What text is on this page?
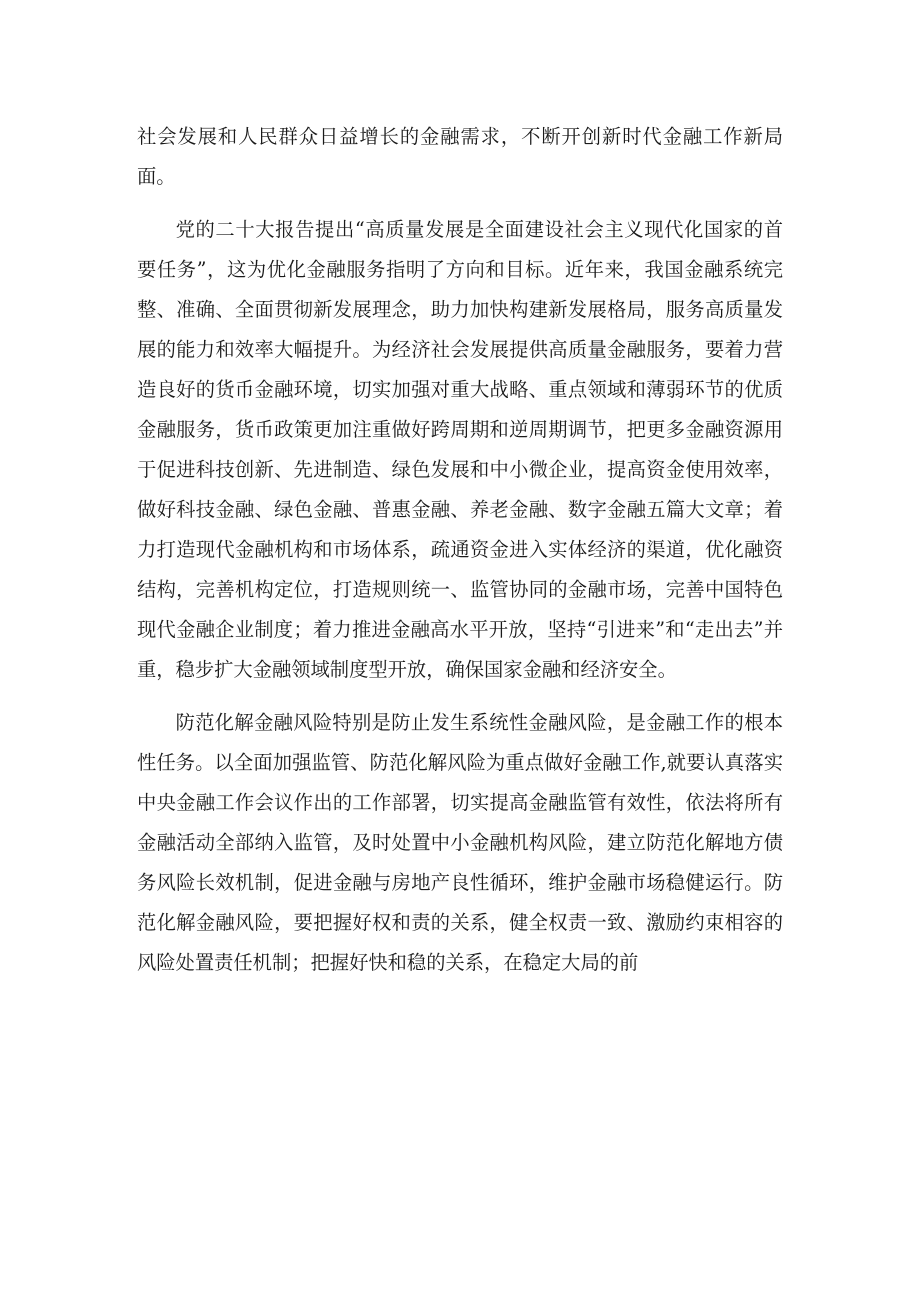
社会发展和人民群众日益增长的金融需求，不断开创新时代金融工作新局面。

党的二十大报告提出“高质量发展是全面建设社会主义现代化国家的首要任务”，这为优化金融服务指明了方向和目标。近年来，我国金融系统完整、准确、全面贯彻新发展理念，助力加快构建新发展格局，服务高质量发展的能力和效率大幅提升。为经济社会发展提供高质量金融服务，要着力营造良好的货币金融环境，切实加强对重大战略、重点领域和薄弱环节的优质金融服务，货币政策更加注重做好跨周期和逆周期调节，把更多金融资源用于促进科技创新、先进制造、绿色发展和中小微企业，提高资金使用效率，做好科技金融、绿色金融、普惠金融、养老金融、数字金融五篇大文章；着力打造现代金融机构和市场体系，疏通资金进入实体经济的渠道，优化融资结构，完善机构定位，打造规则统一、监管协同的金融市场，完善中国特色现代金融企业制度；着力推进金融高水平开放，坚持“引进来”和“走出去”并重，稳步扩大金融领域制度型开放，确保国家金融和经济安全。

防范化解金融风险特别是防止发生系统性金融风险，是金融工作的根本性任务。以全面加强监管、防范化解风险为重点做好金融工作,就要认真落实中央金融工作会议作出的工作部署，切实提高金融监管有效性，依法将所有金融活动全部纳入监管，及时处置中小金融机构风险，建立防范化解地方债务风险长效机制，促进金融与房地产良性循环，维护金融市场稳健运行。防范化解金融风险，要把握好权和责的关系，健全权责一致、激励约束相容的风险处置责任机制；把握好快和稳的关系，在稳定大局的前
